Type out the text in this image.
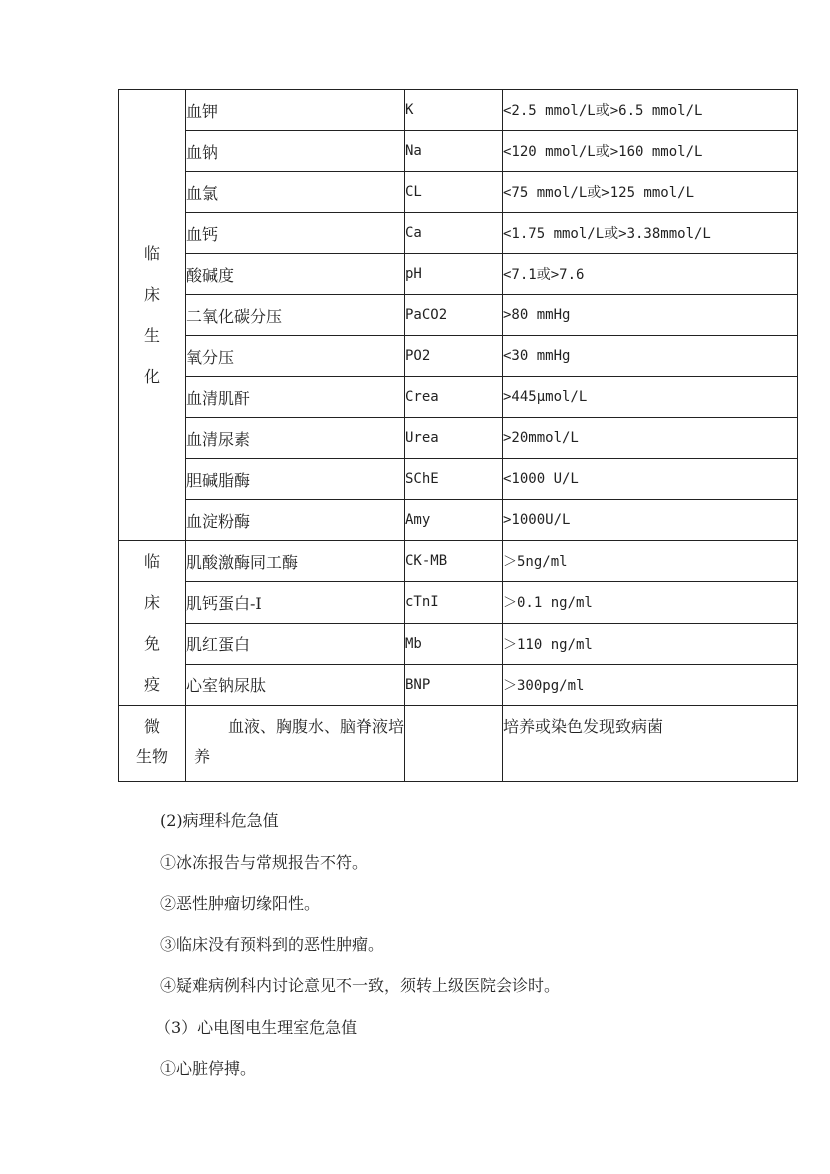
临
床
生
化	血钾	K	<2.5 mmol/L或>6.5 mmol/L
	血钠	Na	<120 mmol/L或>160 mmol/L
	血氯	CL	<75 mmol/L或>125 mmol/L
	血钙	Ca	<1.75 mmol/L或>3.38mmol/L
	酸碱度	pH	<7.1或>7.6
	二氧化碳分压	PaCO2	>80 mmHg
	氧分压	PO2	<30 mmHg
	血清肌酐	Crea	>445μmol/L
	血清尿素	Urea	>20mmol/L
	胆碱脂酶	SChE	<1000 U/L
	血淀粉酶	Amy	>1000U/L

临
床
免
疫	肌酸激酶同工酶	CK-MB	＞5ng/ml
	肌钙蛋白-I	cTnI	＞0.1 ng/ml
	肌红蛋白	Mb	＞110 ng/ml
	心室钠尿肽	BNP	＞300pg/ml

微
生物	血液、胸腹水、脑脊液培养		培养或染色发现致病菌
(2)病理科危急值
①冰冻报告与常规报告不符。
②恶性肿瘤切缘阳性。
③临床没有预料到的恶性肿瘤。
④疑难病例科内讨论意见不一致，须转上级医院会诊时。
（3）心电图电生理室危急值
①心脏停搏。
